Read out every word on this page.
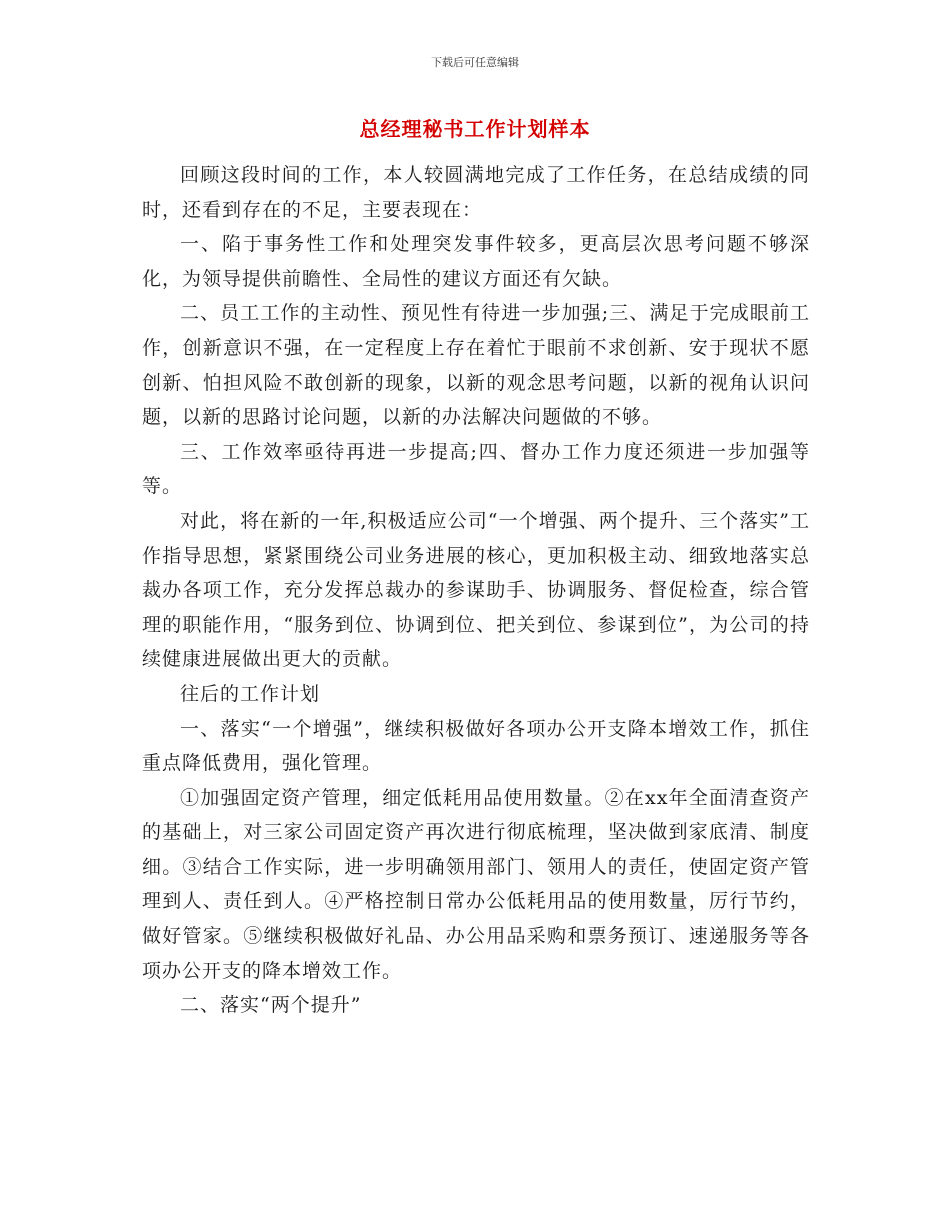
下载后可任意编辑
总经理秘书工作计划样本

回顾这段时间的工作，本人较圆满地完成了工作任务，在总结成绩的同时，还看到存在的不足，主要表现在：

一、陷于事务性工作和处理突发事件较多，更高层次思考问题不够深化，为领导提供前瞻性、全局性的建议方面还有欠缺。

二、员工工作的主动性、预见性有待进一步加强;三、满足于完成眼前工作，创新意识不强，在一定程度上存在着忙于眼前不求创新、安于现状不愿创新、怕担风险不敢创新的现象，以新的观念思考问题，以新的视角认识问题，以新的思路讨论问题，以新的办法解决问题做的不够。

三、工作效率亟待再进一步提高;四、督办工作力度还须进一步加强等等。

对此，将在新的一年,积极适应公司“一个增强、两个提升、三个落实”工作指导思想，紧紧围绕公司业务进展的核心，更加积极主动、细致地落实总裁办各项工作，充分发挥总裁办的参谋助手、协调服务、督促检查，综合管理的职能作用，“服务到位、协调到位、把关到位、参谋到位”，为公司的持续健康进展做出更大的贡献。

往后的工作计划

一、落实“一个增强”，继续积极做好各项办公开支降本增效工作，抓住重点降低费用，强化管理。

①加强固定资产管理，细定低耗用品使用数量。②在xx年全面清查资产的基础上，对三家公司固定资产再次进行彻底梳理，坚决做到家底清、制度细。③结合工作实际，进一步明确领用部门、领用人的责任，使固定资产管理到人、责任到人。④严格控制日常办公低耗用品的使用数量，厉行节约，做好管家。⑤继续积极做好礼品、办公用品采购和票务预订、速递服务等各项办公开支的降本增效工作。

二、落实“两个提升”
